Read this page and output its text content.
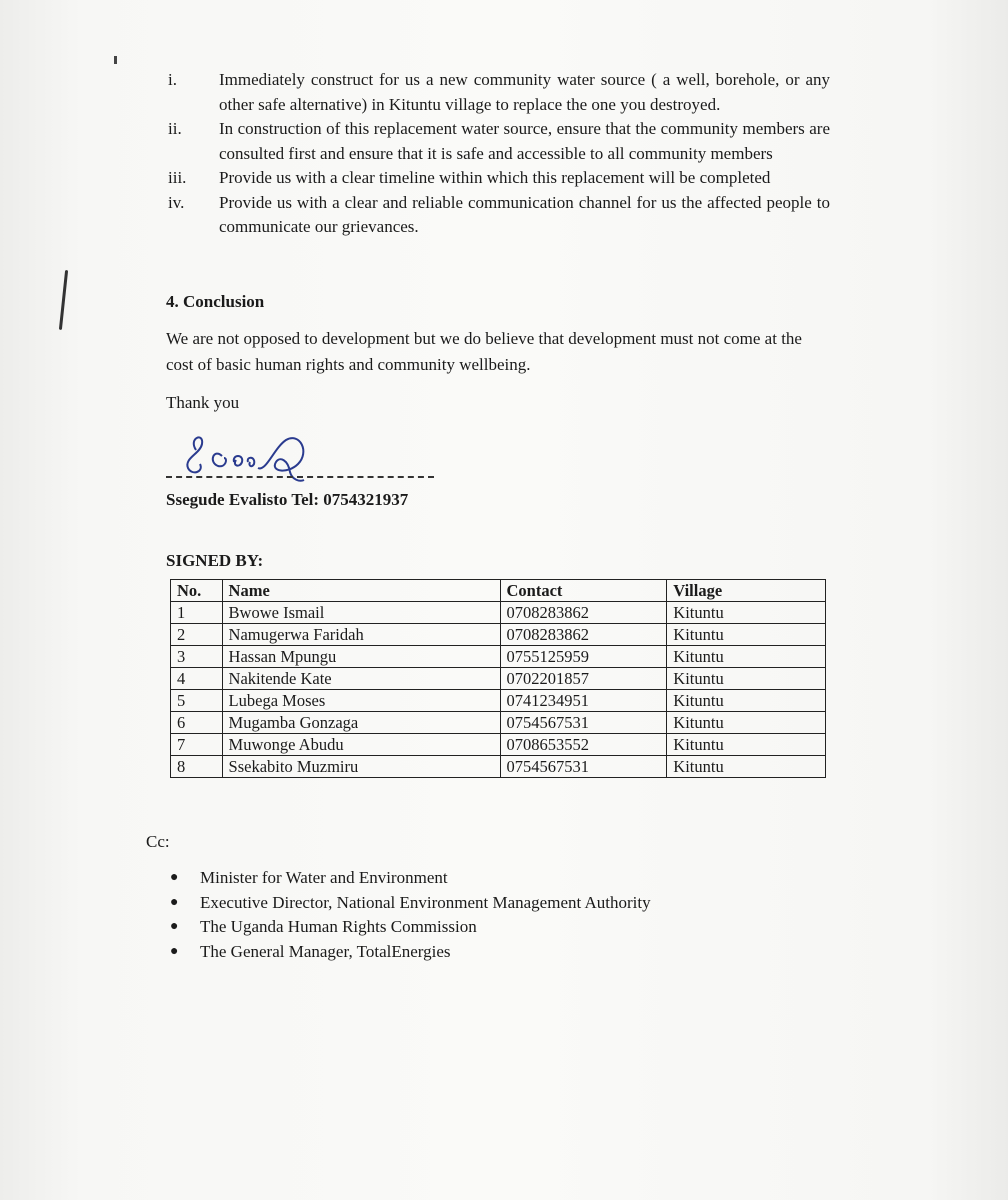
i.	Immediately construct for us a new community water source ( a well, borehole, or any other safe alternative) in Kituntu village to replace the one you destroyed.
ii.	In construction of this replacement water source, ensure that the community members are consulted first and ensure that it is safe and accessible to all community members
iii.	Provide us with a clear timeline within which this replacement will be completed
iv.	Provide us with a clear and reliable communication channel for us the affected people to communicate our grievances.
4. Conclusion
We are not opposed to development but we do believe that development must not come at the cost of basic human rights and community wellbeing.
Thank you
Ssegude Evalisto Tel: 0754321937
SIGNED BY:
No.	Name	Contact	Village
1	Bwowe Ismail	0708283862	Kituntu
2	Namugerwa Faridah	0708283862	Kituntu
3	Hassan Mpungu	0755125959	Kituntu
4	Nakitende Kate	0702201857	Kituntu
5	Lubega Moses	0741234951	Kituntu
6	Mugamba Gonzaga	0754567531	Kituntu
7	Muwonge Abudu	0708653552	Kituntu
8	Ssekabito Muzmiru	0754567531	Kituntu
Cc:
●	Minister for Water and Environment
●	Executive Director, National Environment Management Authority
●	The Uganda Human Rights Commission
●	The General Manager, TotalEnergies
